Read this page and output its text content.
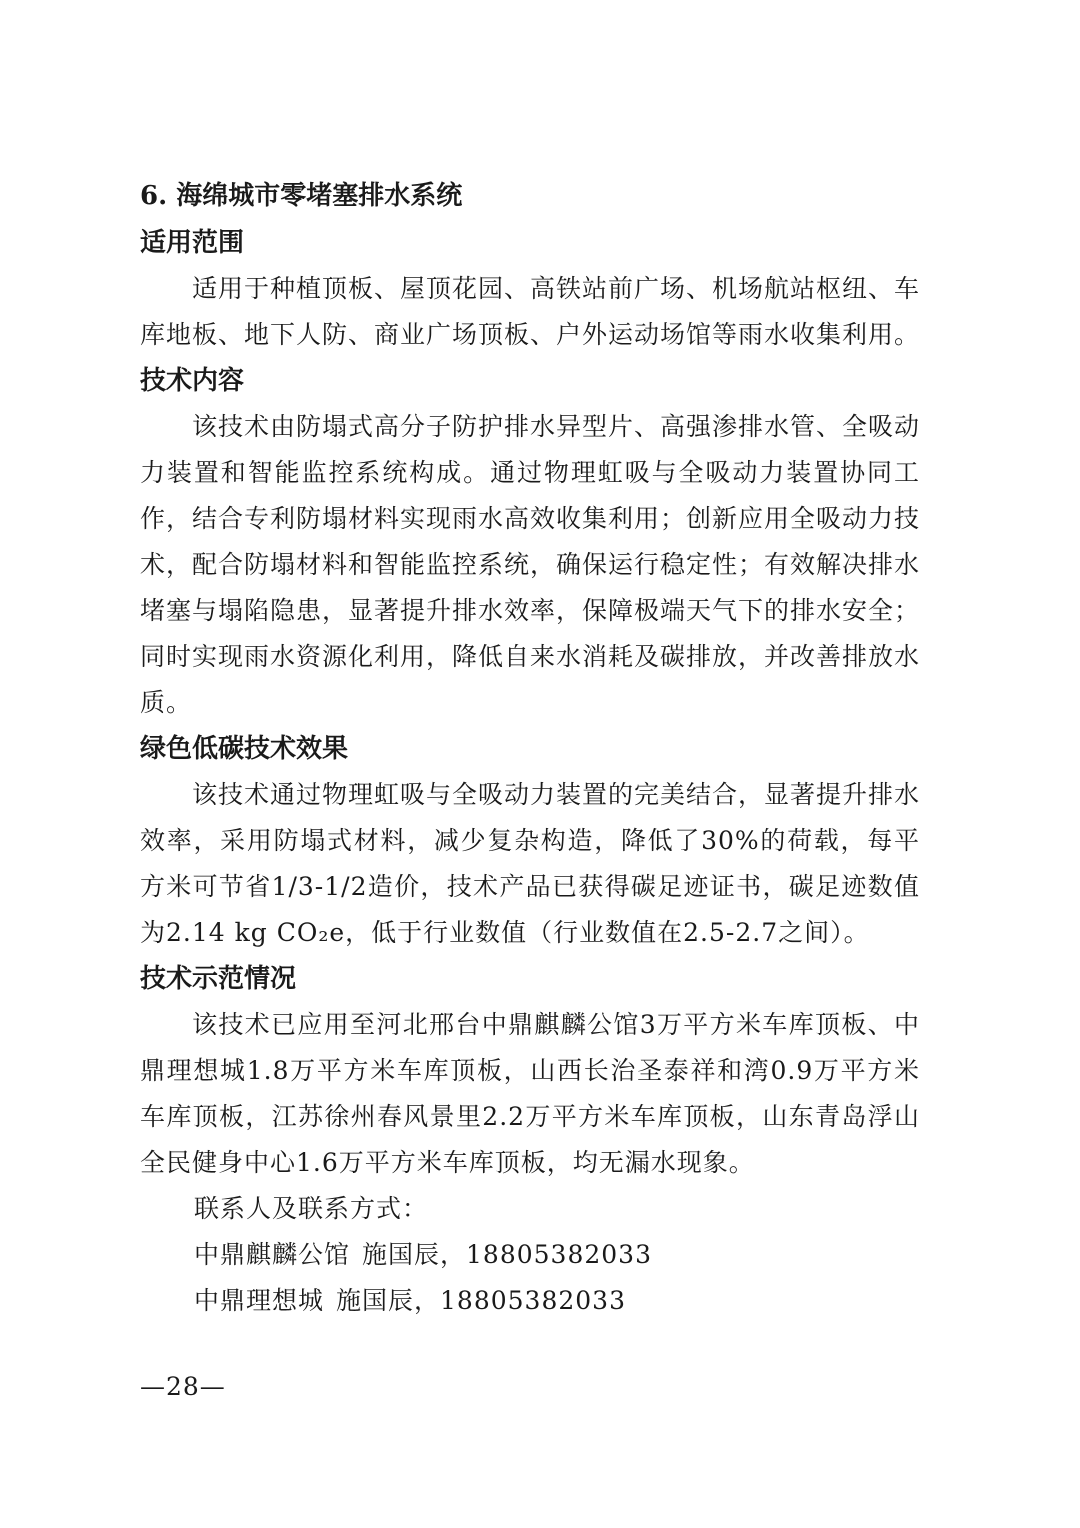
6. 海绵城市零堵塞排水系统

适用范围

适用于种植顶板、屋顶花园、高铁站前广场、机场航站枢纽、车库地板、地下人防、商业广场顶板、户外运动场馆等雨水收集利用。

技术内容

该技术由防塌式高分子防护排水异型片、高强渗排水管、全吸动力装置和智能监控系统构成。通过物理虹吸与全吸动力装置协同工作，结合专利防塌材料实现雨水高效收集利用；创新应用全吸动力技术，配合防塌材料和智能监控系统，确保运行稳定性；有效解决排水堵塞与塌陷隐患，显著提升排水效率，保障极端天气下的排水安全；同时实现雨水资源化利用，降低自来水消耗及碳排放，并改善排放水质。

绿色低碳技术效果

该技术通过物理虹吸与全吸动力装置的完美结合，显著提升排水效率，采用防塌式材料，减少复杂构造，降低了30%的荷载，每平方米可节省1/3-1/2造价，技术产品已获得碳足迹证书，碳足迹数值为2.14 kg CO₂e，低于行业数值（行业数值在2.5-2.7之间）。

技术示范情况

该技术已应用至河北邢台中鼎麒麟公馆3万平方米车库顶板、中鼎理想城1.8万平方米车库顶板，山西长治圣泰祥和湾0.9万平方米车库顶板，江苏徐州春风景里2.2万平方米车库顶板，山东青岛浮山全民健身中心1.6万平方米车库顶板，均无漏水现象。

联系人及联系方式：

中鼎麒麟公馆 施国辰，18805382033

中鼎理想城 施国辰，18805382033

—28—
